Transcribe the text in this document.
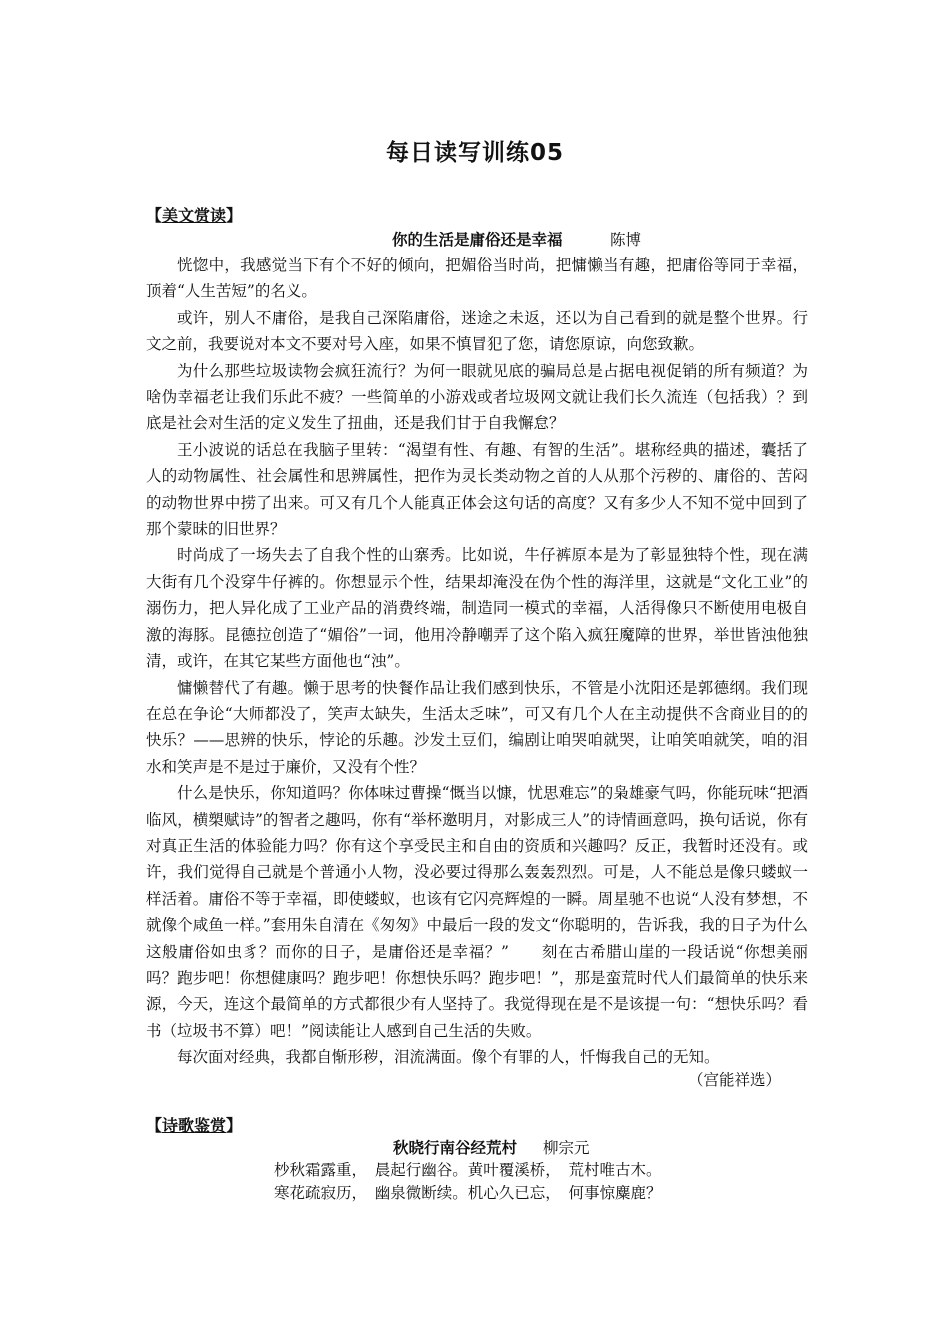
每日读写训练05
【美文赏读】
你的生活是庸俗还是幸福	陈博

恍惚中，我感觉当下有个不好的倾向，把媚俗当时尚，把慵懒当有趣，把庸俗等同于幸福，顶着“人生苦短”的名义。

或许，别人不庸俗，是我自己深陷庸俗，迷途之未返，还以为自己看到的就是整个世界。行文之前，我要说对本文不要对号入座，如果不慎冒犯了您，请您原谅，向您致歉。

为什么那些垃圾读物会疯狂流行？为何一眼就见底的骗局总是占据电视促销的所有频道？为啥伪幸福老让我们乐此不疲？一些简单的小游戏或者垃圾网文就让我们长久流连（包括我）？到底是社会对生活的定义发生了扭曲，还是我们甘于自我懈怠？

王小波说的话总在我脑子里转：“渴望有性、有趣、有智的生活”。堪称经典的描述，囊括了人的动物属性、社会属性和思辨属性，把作为灵长类动物之首的人从那个污秽的、庸俗的、苦闷的动物世界中捞了出来。可又有几个人能真正体会这句话的高度？又有多少人不知不觉中回到了那个蒙昧的旧世界？

时尚成了一场失去了自我个性的山寨秀。比如说，牛仔裤原本是为了彰显独特个性，现在满大街有几个没穿牛仔裤的。你想显示个性，结果却淹没在伪个性的海洋里，这就是“文化工业”的溺伤力，把人异化成了工业产品的消费终端，制造同一模式的幸福，人活得像只不断使用电极自激的海豚。昆德拉创造了“媚俗”一词，他用冷静嘲弄了这个陷入疯狂魔障的世界，举世皆浊他独清，或许，在其它某些方面他也“浊”。

慵懒替代了有趣。懒于思考的快餐作品让我们感到快乐，不管是小沈阳还是郭德纲。我们现在总在争论“大师都没了，笑声太缺失，生活太乏味”，可又有几个人在主动提供不含商业目的的快乐？——思辨的快乐，悖论的乐趣。沙发土豆们，编剧让咱哭咱就哭，让咱笑咱就笑，咱的泪水和笑声是不是过于廉价，又没有个性？

什么是快乐，你知道吗？你体味过曹操“慨当以慷，忧思难忘”的枭雄豪气吗，你能玩味“把酒临风，横槊赋诗”的智者之趣吗，你有“举杯邀明月，对影成三人”的诗情画意吗，换句话说，你有对真正生活的体验能力吗？你有这个享受民主和自由的资质和兴趣吗？反正，我暂时还没有。或许，我们觉得自己就是个普通小人物，没必要过得那么轰轰烈烈。可是，人不能总是像只蝼蚁一样活着。庸俗不等于幸福，即使蝼蚁，也该有它闪亮辉煌的一瞬。周星驰不也说“人没有梦想，不就像个咸鱼一样。”套用朱自清在《匆匆》中最后一段的发文“你聪明的，告诉我，我的日子为什么这般庸俗如虫豸？而你的日子，是庸俗还是幸福？”　　刻在古希腊山崖的一段话说“你想美丽吗？跑步吧！你想健康吗？跑步吧！你想快乐吗？跑步吧！”，那是蛮荒时代人们最简单的快乐来源，今天，连这个最简单的方式都很少有人坚持了。我觉得现在是不是该提一句：“想快乐吗？看书（垃圾书不算）吧！”阅读能让人感到自己生活的失败。

每次面对经典，我都自惭形秽，泪流满面。像个有罪的人，忏悔我自己的无知。

（宫能祥选）
【诗歌鉴赏】
秋晓行南谷经荒村 柳宗元
杪秋霜露重，　晨起行幽谷。黄叶覆溪桥，　荒村唯古木。
寒花疏寂历，　幽泉微断续。机心久已忘，　何事惊麋鹿？
